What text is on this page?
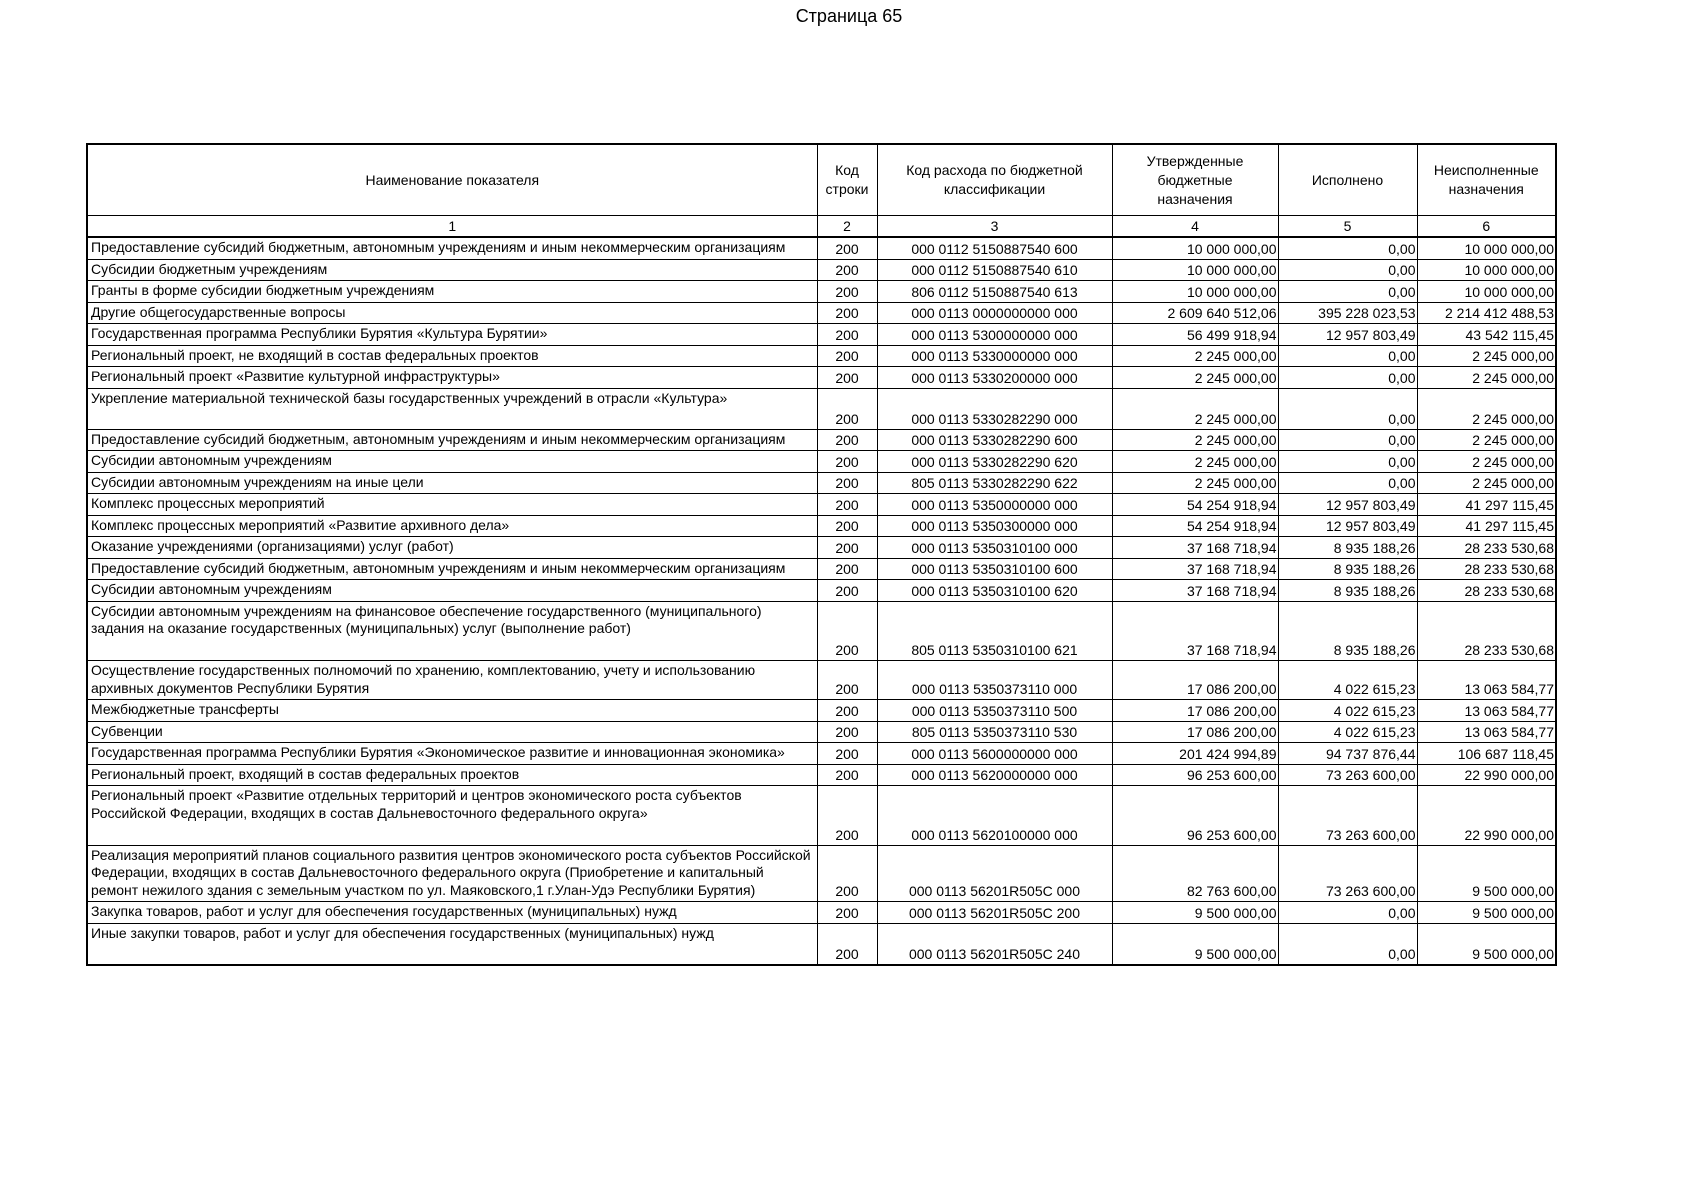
Страница 65
Наименование показателя	Код строки	Код расхода по бюджетной классификации	Утвержденные бюджетные назначения	Исполнено	Неисполненные назначения
1	2	3	4	5	6
Предоставление субсидий бюджетным, автономным учреждениям и иным некоммерческим организациям	200	000 0112 5150887540 600	10 000 000,00	0,00	10 000 000,00
Субсидии бюджетным учреждениям	200	000 0112 5150887540 610	10 000 000,00	0,00	10 000 000,00
Гранты в форме субсидии бюджетным учреждениям	200	806 0112 5150887540 613	10 000 000,00	0,00	10 000 000,00
Другие общегосударственные вопросы	200	000 0113 0000000000 000	2 609 640 512,06	395 228 023,53	2 214 412 488,53
Государственная программа Республики Бурятия «Культура Бурятии»	200	000 0113 5300000000 000	56 499 918,94	12 957 803,49	43 542 115,45
Региональный проект, не входящий в состав федеральных проектов	200	000 0113 5330000000 000	2 245 000,00	0,00	2 245 000,00
Региональный проект «Развитие культурной инфраструктуры»	200	000 0113 5330200000 000	2 245 000,00	0,00	2 245 000,00
Укрепление материальной технической базы государственных учреждений в отрасли «Культура»	200	000 0113 5330282290 000	2 245 000,00	0,00	2 245 000,00
Предоставление субсидий бюджетным, автономным учреждениям и иным некоммерческим организациям	200	000 0113 5330282290 600	2 245 000,00	0,00	2 245 000,00
Субсидии автономным учреждениям	200	000 0113 5330282290 620	2 245 000,00	0,00	2 245 000,00
Субсидии автономным учреждениям на иные цели	200	805 0113 5330282290 622	2 245 000,00	0,00	2 245 000,00
Комплекс процессных мероприятий	200	000 0113 5350000000 000	54 254 918,94	12 957 803,49	41 297 115,45
Комплекс процессных мероприятий «Развитие архивного дела»	200	000 0113 5350300000 000	54 254 918,94	12 957 803,49	41 297 115,45
Оказание учреждениями (организациями) услуг (работ)	200	000 0113 5350310100 000	37 168 718,94	8 935 188,26	28 233 530,68
Предоставление субсидий бюджетным, автономным учреждениям и иным некоммерческим организациям	200	000 0113 5350310100 600	37 168 718,94	8 935 188,26	28 233 530,68
Субсидии автономным учреждениям	200	000 0113 5350310100 620	37 168 718,94	8 935 188,26	28 233 530,68
Субсидии автономным учреждениям на финансовое обеспечение государственного (муниципального) задания на оказание государственных (муниципальных) услуг (выполнение работ)	200	805 0113 5350310100 621	37 168 718,94	8 935 188,26	28 233 530,68
Осуществление государственных полномочий по хранению, комплектованию, учету и использованию архивных документов Республики Бурятия	200	000 0113 5350373110 000	17 086 200,00	4 022 615,23	13 063 584,77
Межбюджетные трансферты	200	000 0113 5350373110 500	17 086 200,00	4 022 615,23	13 063 584,77
Субвенции	200	805 0113 5350373110 530	17 086 200,00	4 022 615,23	13 063 584,77
Государственная программа Республики Бурятия «Экономическое развитие и инновационная экономика»	200	000 0113 5600000000 000	201 424 994,89	94 737 876,44	106 687 118,45
Региональный проект, входящий в состав федеральных проектов	200	000 0113 5620000000 000	96 253 600,00	73 263 600,00	22 990 000,00
Региональный проект «Развитие отдельных территорий и центров экономического роста субъектов Российской Федерации, входящих в состав Дальневосточного федерального округа»	200	000 0113 5620100000 000	96 253 600,00	73 263 600,00	22 990 000,00
Реализация мероприятий планов социального развития центров экономического роста субъектов Российской Федерации, входящих в состав Дальневосточного федерального округа (Приобретение и капитальный ремонт нежилого здания с земельным участком по ул. Маяковского,1 г.Улан-Удэ Республики Бурятия)	200	000 0113 56201R505C 000	82 763 600,00	73 263 600,00	9 500 000,00
Закупка товаров, работ и услуг для обеспечения государственных (муниципальных) нужд	200	000 0113 56201R505C 200	9 500 000,00	0,00	9 500 000,00
Иные закупки товаров, работ и услуг для обеспечения государственных (муниципальных) нужд	200	000 0113 56201R505C 240	9 500 000,00	0,00	9 500 000,00
